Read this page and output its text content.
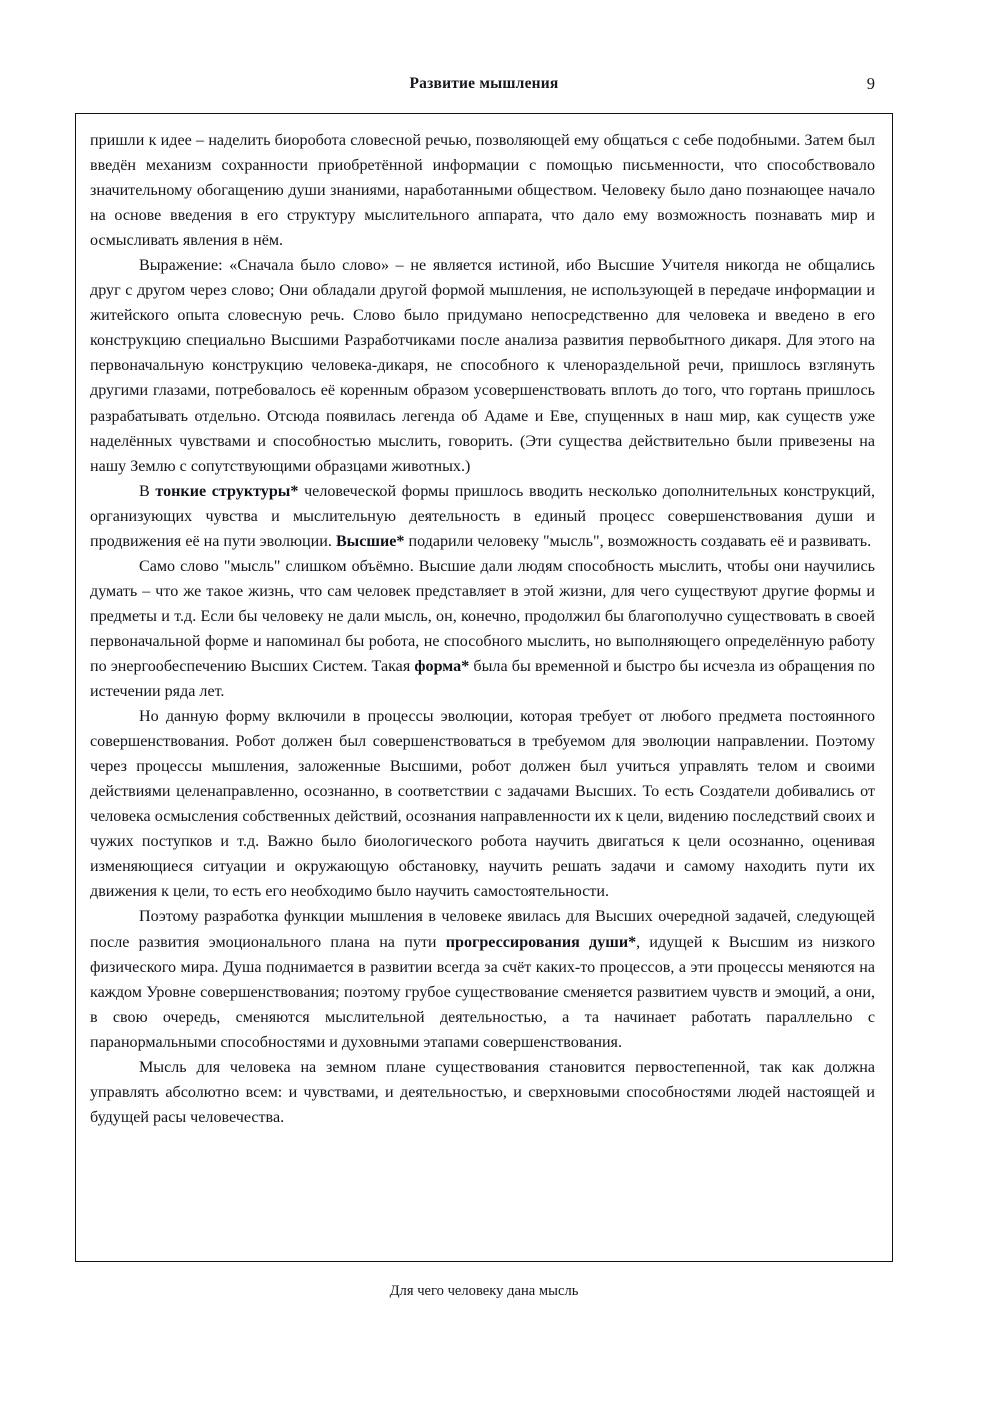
Развитие мышления	9

пришли к идее – наделить биоробота словесной речью, позволяющей ему общаться с себе подобными. Затем был введён механизм сохранности приобретённой информации с помощью письменности, что способствовало значительному обогащению души знаниями, наработанными обществом. Человеку было дано познающее начало на основе введения в его структуру мыслительного аппарата, что дало ему возможность познавать мир и осмысливать явления в нём.

Выражение: «Сначала было слово» – не является истиной, ибо Высшие Учителя никогда не общались друг с другом через слово; Они обладали другой формой мышления, не использующей в передаче информации и житейского опыта словесную речь. Слово было придумано непосредственно для человека и введено в его конструкцию специально Высшими Разработчиками после анализа развития первобытного дикаря. Для этого на первоначальную конструкцию человека-дикаря, не способного к членораздельной речи, пришлось взглянуть другими глазами, потребовалось её коренным образом усовершенствовать вплоть до того, что гортань пришлось разрабатывать отдельно. Отсюда появилась легенда об Адаме и Еве, спущенных в наш мир, как существ уже наделённых чувствами и способностью мыслить, говорить. (Эти существа действительно были привезены на нашу Землю с сопутствующими образцами животных.)

В тонкие структуры* человеческой формы пришлось вводить несколько дополнительных конструкций, организующих чувства и мыслительную деятельность в единый процесс совершенствования души и продвижения её на пути эволюции. Высшие* подарили человеку "мысль", возможность создавать её и развивать.

Само слово "мысль" слишком объёмно. Высшие дали людям способность мыслить, чтобы они научились думать – что же такое жизнь, что сам человек представляет в этой жизни, для чего существуют другие формы и предметы и т.д. Если бы человеку не дали мысль, он, конечно, продолжил бы благополучно существовать в своей первоначальной форме и напоминал бы робота, не способного мыслить, но выполняющего определённую работу по энергообеспечению Высших Систем. Такая форма* была бы временной и быстро бы исчезла из обращения по истечении ряда лет.

Но данную форму включили в процессы эволюции, которая требует от любого предмета постоянного совершенствования. Робот должен был совершенствоваться в требуемом для эволюции направлении. Поэтому через процессы мышления, заложенные Высшими, робот должен был учиться управлять телом и своими действиями целенаправленно, осознанно, в соответствии с задачами Высших. То есть Создатели добивались от человека осмысления собственных действий, осознания направленности их к цели, видению последствий своих и чужих поступков и т.д. Важно было биологического робота научить двигаться к цели осознанно, оценивая изменяющиеся ситуации и окружающую обстановку, научить решать задачи и самому находить пути их движения к цели, то есть его необходимо было научить самостоятельности.

Поэтому разработка функции мышления в человеке явилась для Высших очередной задачей, следующей после развития эмоционального плана на пути прогрессирования души*, идущей к Высшим из низкого физического мира. Душа поднимается в развитии всегда за счёт каких-то процессов, а эти процессы меняются на каждом Уровне совершенствования; поэтому грубое существование сменяется развитием чувств и эмоций, а они, в свою очередь, сменяются мыслительной деятельностью, а та начинает работать параллельно с паранормальными способностями и духовными этапами совершенствования.

Мысль для человека на земном плане существования становится первостепенной, так как должна управлять абсолютно всем: и чувствами, и деятельностью, и сверхновыми способностями людей настоящей и будущей расы человечества.

Для чего человеку дана мысль
